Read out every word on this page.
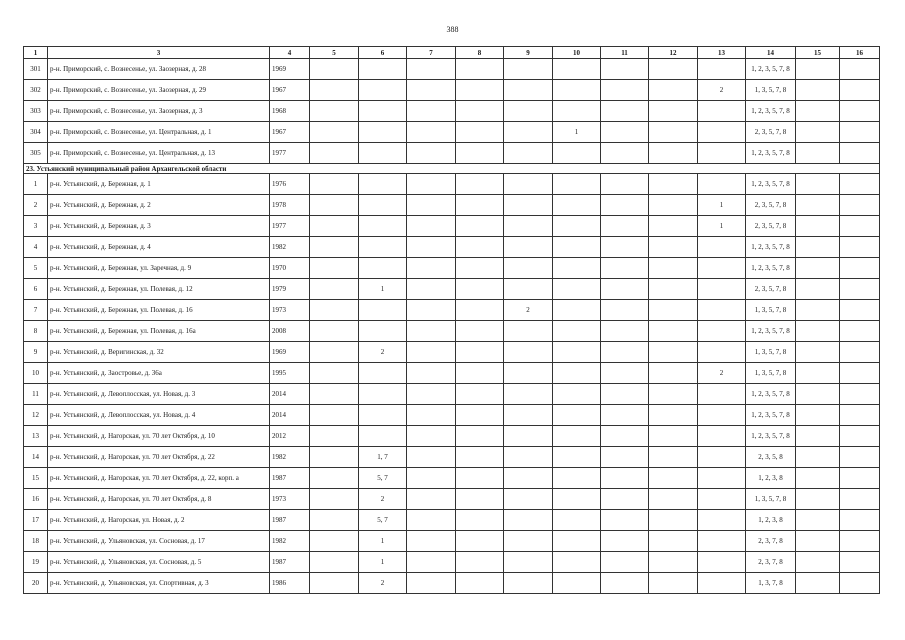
388
1	3	4	5	6	7	8	9	10	11	12	13	14	15	16
301	р-н. Приморский, с. Вознесенье, ул. Заозерная, д. 28	1969										1, 2, 3, 5, 7, 8		
302	р-н. Приморский, с. Вознесенье, ул. Заозерная, д. 29	1967									2	1, 3, 5, 7, 8		
303	р-н. Приморский, с. Вознесенье, ул. Заозерная, д. 3	1968										1, 2, 3, 5, 7, 8		
304	р-н. Приморский, с. Вознесенье, ул. Центральная, д. 1	1967						1				2, 3, 5, 7, 8		
305	р-н. Приморский, с. Вознесенье, ул. Центральная, д. 13	1977										1, 2, 3, 5, 7, 8		
23. Устьянский муниципальный район Архангельской области														
1	р-н. Устьянский, д. Бережная, д. 1	1976										1, 2, 3, 5, 7, 8		
2	р-н. Устьянский, д. Бережная, д. 2	1978									1	2, 3, 5, 7, 8		
3	р-н. Устьянский, д. Бережная, д. 3	1977									1	2, 3, 5, 7, 8		
4	р-н. Устьянский, д. Бережная, д. 4	1982										1, 2, 3, 5, 7, 8		
5	р-н. Устьянский, д. Бережная, ул. Заречная, д. 9	1970										1, 2, 3, 5, 7, 8		
6	р-н. Устьянский, д. Бережная, ул. Полевая, д. 12	1979		1								2, 3, 5, 7, 8		
7	р-н. Устьянский, д. Бережная, ул. Полевая, д. 16	1973					2					1, 3, 5, 7, 8		
8	р-н. Устьянский, д. Бережная, ул. Полевая, д. 16а	2008										1, 2, 3, 5, 7, 8		
9	р-н. Устьянский, д. Веригинская, д. 32	1969		2								1, 3, 5, 7, 8		
10	р-н. Устьянский, д. Заостровье, д. 36а	1995									2	1, 3, 5, 7, 8		
11	р-н. Устьянский, д. Левоплосская, ул. Новая, д. 3	2014										1, 2, 3, 5, 7, 8		
12	р-н. Устьянский, д. Левоплосская, ул. Новая, д. 4	2014										1, 2, 3, 5, 7, 8		
13	р-н. Устьянский, д. Нагорская, ул. 70 лет Октября, д. 10	2012										1, 2, 3, 5, 7, 8		
14	р-н. Устьянский, д. Нагорская, ул. 70 лет Октября, д. 22	1982		1, 7								2, 3, 5, 8		
15	р-н. Устьянский, д. Нагорская, ул. 70 лет Октября, д. 22, корп. а	1987		5, 7								1, 2, 3, 8		
16	р-н. Устьянский, д. Нагорская, ул. 70 лет Октября, д. 8	1973		2								1, 3, 5, 7, 8		
17	р-н. Устьянский, д. Нагорская, ул. Новая, д. 2	1987		5, 7								1, 2, 3, 8		
18	р-н. Устьянский, д. Ульяновская, ул. Сосновая, д. 17	1982		1								2, 3, 7, 8		
19	р-н. Устьянский, д. Ульяновская, ул. Сосновая, д. 5	1987		1								2, 3, 7, 8		
20	р-н. Устьянский, д. Ульяновская, ул. Спортивная, д. 3	1986		2								1, 3, 7, 8		
